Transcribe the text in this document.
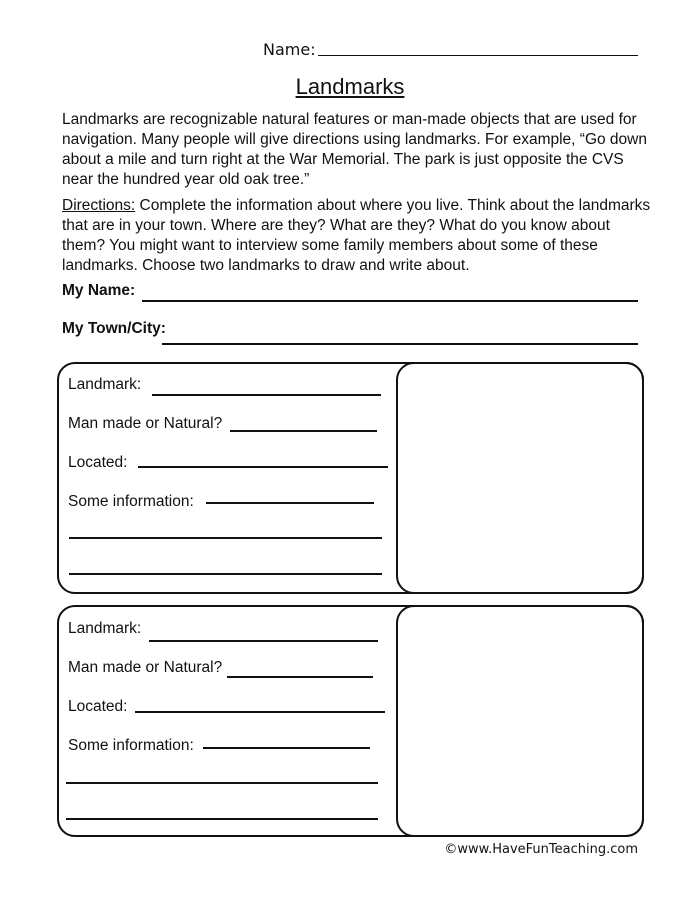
Name:
Landmarks
Landmarks are recognizable natural features or man-made objects that are used for navigation. Many people will give directions using landmarks. For example, “Go down about a mile and turn right at the War Memorial. The park is just opposite the CVS near the hundred year old oak tree.”
Directions: Complete the information about where you live. Think about the landmarks that are in your town. Where are they? What are they? What do you know about them? You might want to interview some family members about some of these landmarks. Choose two landmarks to draw and write about.
My Name:
My Town/City:
Landmark:
Man made or Natural?
Located:
Some information:
Landmark:
Man made or Natural?
Located:
Some information:
©www.HaveFunTeaching.com
